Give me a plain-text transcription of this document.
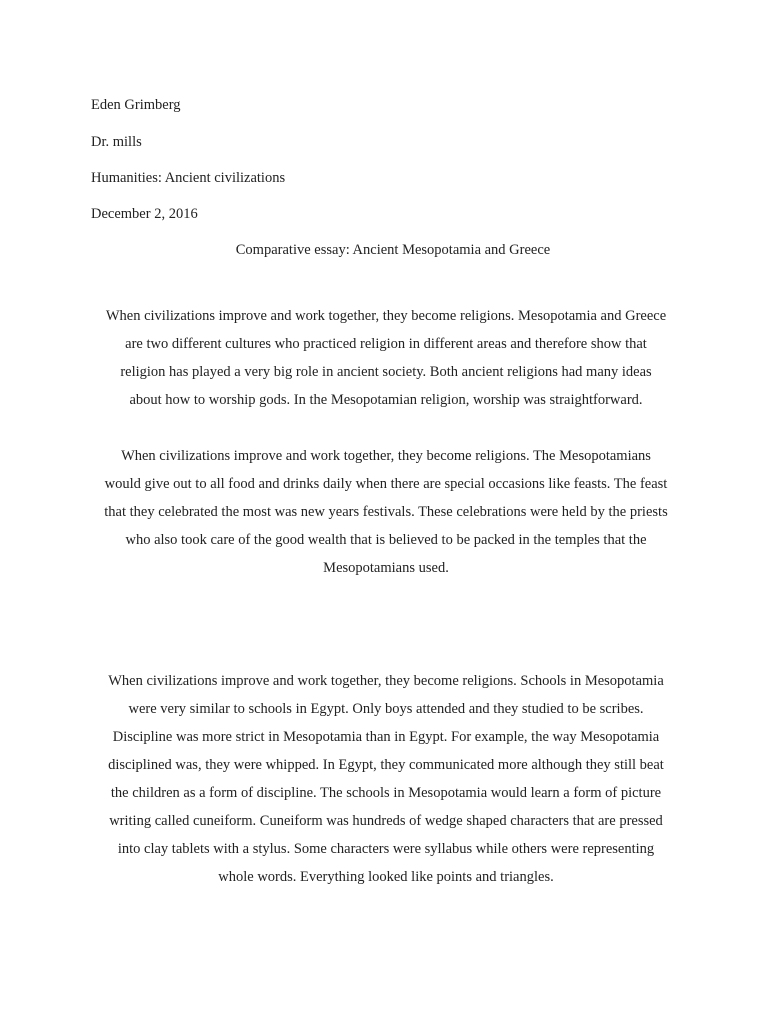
Eden Grimberg
Dr. mills
Humanities: Ancient civilizations
December 2, 2016
Comparative essay: Ancient Mesopotamia and Greece
When civilizations improve and work together, they become religions. Mesopotamia and Greece
are two different cultures who practiced religion in different areas and therefore show that
religion has played a very big role in ancient society. Both ancient religions had many ideas
about how to worship gods. In the Mesopotamian religion, worship was straightforward.
When civilizations improve and work together, they become religions. The Mesopotamians
would give out to all food and drinks daily when there are special occasions like feasts. The feast
that they celebrated the most was new years festivals. These celebrations were held by the priests
who also took care of the good wealth that is believed to be packed in the temples that the
Mesopotamians used.
When civilizations improve and work together, they become religions. Schools in Mesopotamia
were very similar to schools in Egypt. Only boys attended and they studied to be scribes.
Discipline was more strict in Mesopotamia than in Egypt. For example, the way Mesopotamia
disciplined was, they were whipped. In Egypt, they communicated more although they still beat
the children as a form of discipline. The schools in Mesopotamia would learn a form of picture
writing called cuneiform. Cuneiform was hundreds of wedge shaped characters that are pressed
into clay tablets with a stylus. Some characters were syllabus while others were representing
whole words. Everything looked like points and triangles.
